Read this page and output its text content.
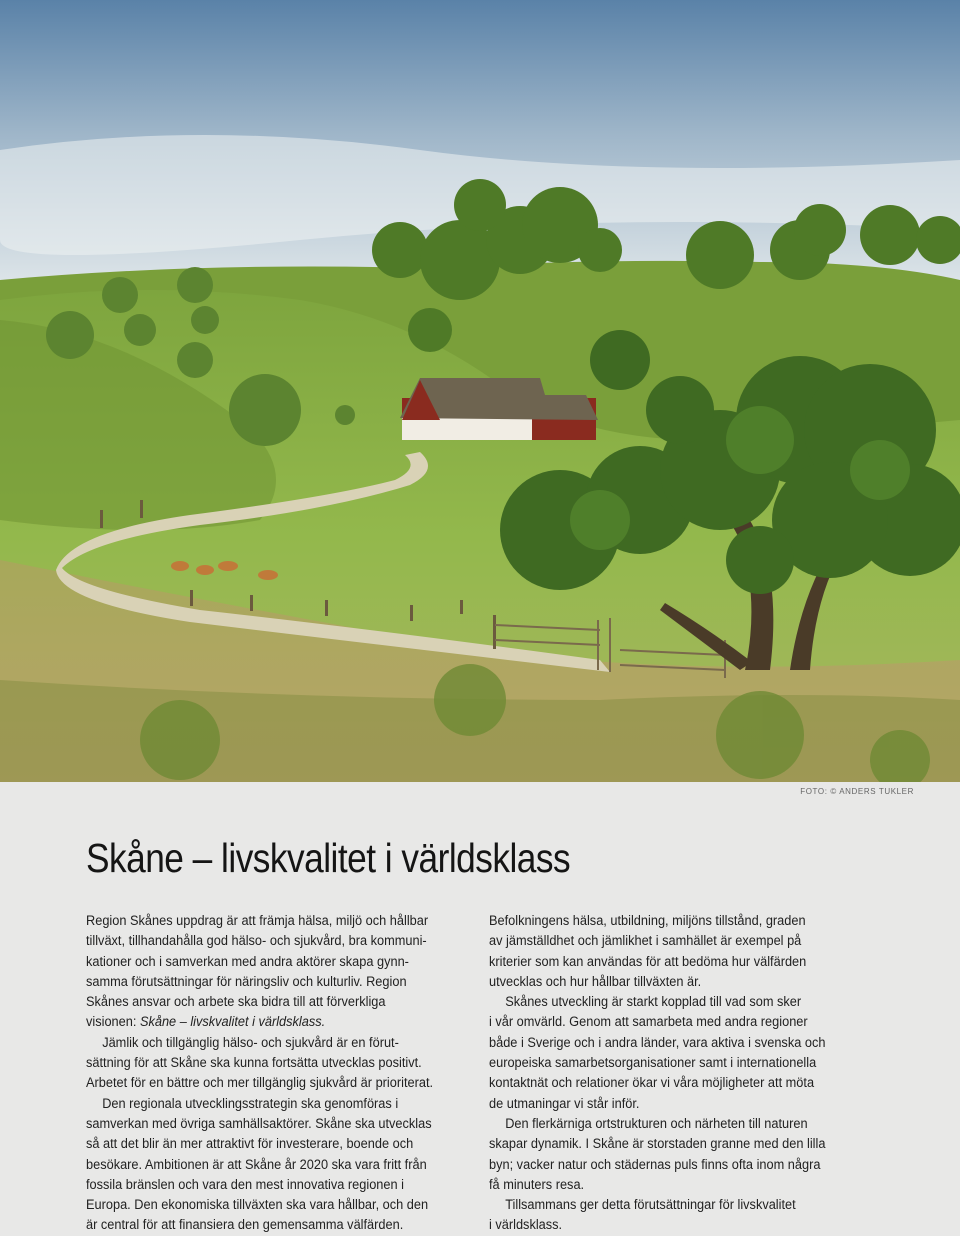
FOTO: © ANDERS TUKLER
Skåne – livskvalitet i världsklass

Region Skånes uppdrag är att främja hälsa, miljö och hållbar
tillväxt, tillhandahålla god hälso- och sjukvård, bra kommuni-
kationer och i samverkan med andra aktörer skapa gynn-
samma förutsättningar för näringsliv och kulturliv. Region
Skånes ansvar och arbete ska bidra till att förverkliga
visionen: Skåne – livskvalitet i världsklass.

Jämlik och tillgänglig hälso- och sjukvård är en förut-
sättning för att Skåne ska kunna fortsätta utvecklas positivt.
Arbetet för en bättre och mer tillgänglig sjukvård är prioriterat.

Den regionala utvecklingsstrategin ska genomföras i
samverkan med övriga samhällsaktörer. Skåne ska utvecklas
så att det blir än mer attraktivt för investerare, boende och
besökare. Ambitionen är att Skåne år 2020 ska vara fritt från
fossila bränslen och vara den mest innovativa regionen i
Europa. Den ekonomiska tillväxten ska vara hållbar, och den
är central för att finansiera den gemensamma välfärden.

Befolkningens hälsa, utbildning, miljöns tillstånd, graden
av jämställdhet och jämlikhet i samhället är exempel på
kriterier som kan användas för att bedöma hur välfärden
utvecklas och hur hållbar tillväxten är.

Skånes utveckling är starkt kopplad till vad som sker
i vår omvärld. Genom att samarbeta med andra regioner
både i Sverige och i andra länder, vara aktiva i svenska och
europeiska samarbetsorganisationer samt i internationella
kontaktnät och relationer ökar vi våra möjligheter att möta
de utmaningar vi står inför.

Den flerkärniga ortstrukturen och närheten till naturen
skapar dynamik. I Skåne är storstaden granne med den lilla
byn; vacker natur och städernas puls finns ofta inom några
få minuters resa.

Tillsammans ger detta förutsättningar för livskvalitet
i världsklass.
